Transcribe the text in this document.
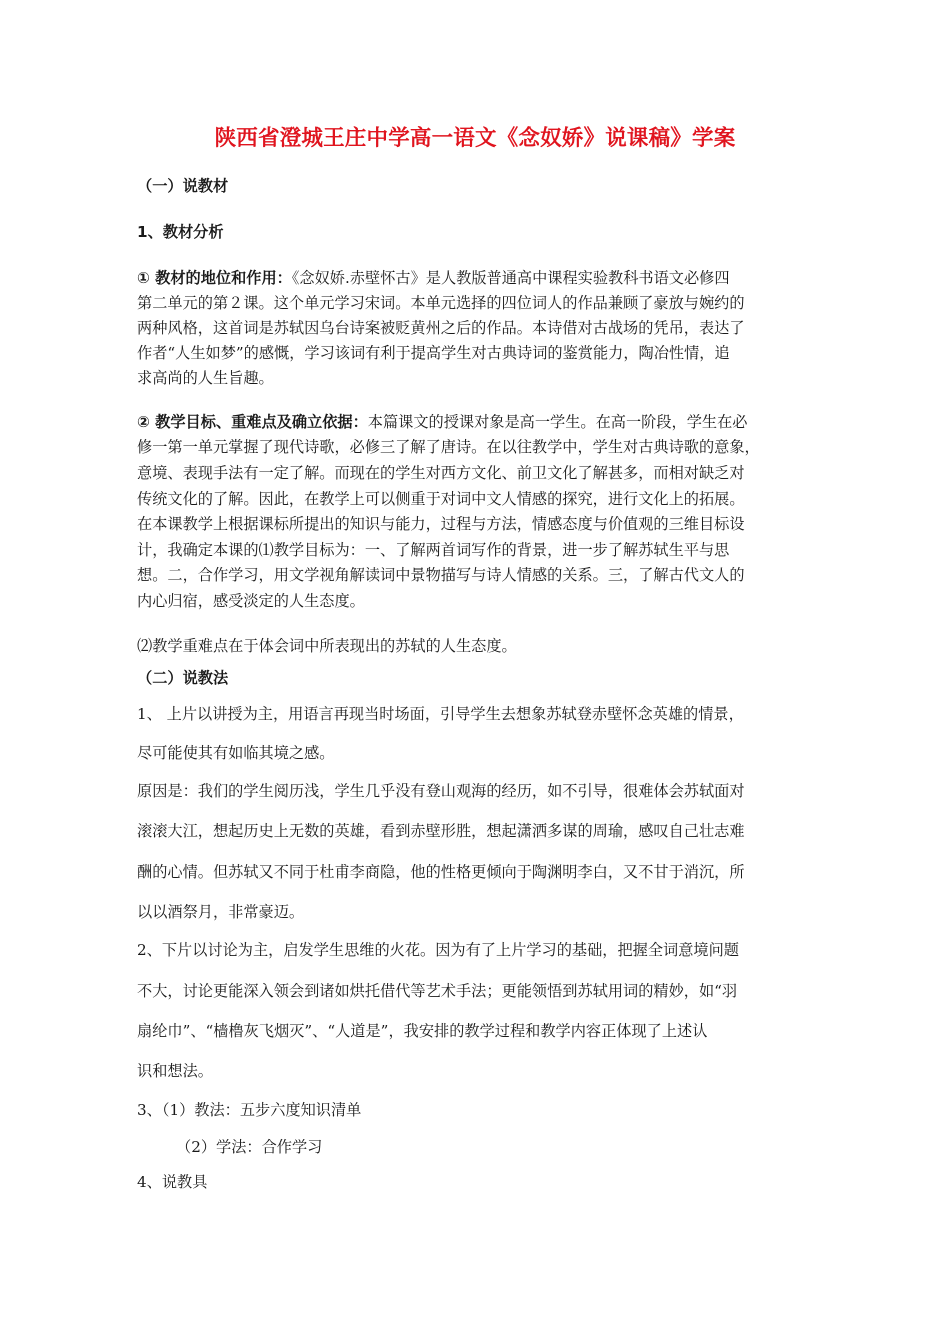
陕西省澄城王庄中学高一语文《念奴娇》说课稿》学案
（一）说教材
1、教材分析
① 教材的地位和作用：《念奴娇.赤壁怀古》是人教版普通高中课程实验教科书语文必修四
第二单元的第２课。这个单元学习宋词。本单元选择的四位词人的作品兼顾了豪放与婉约的
两种风格，这首词是苏轼因乌台诗案被贬黄州之后的作品。本诗借对古战场的凭吊，表达了
作者“人生如梦”的感慨，学习该词有利于提高学生对古典诗词的鉴赏能力，陶冶性情，追
求高尚的人生旨趣。
② 教学目标、重难点及确立依据：本篇课文的授课对象是高一学生。在高一阶段，学生在必
修一第一单元掌握了现代诗歌，必修三了解了唐诗。在以往教学中，学生对古典诗歌的意象，
意境、表现手法有一定了解。而现在的学生对西方文化、前卫文化了解甚多，而相对缺乏对
传统文化的了解。因此，在教学上可以侧重于对词中文人情感的探究，进行文化上的拓展。
在本课教学上根据课标所提出的知识与能力，过程与方法，情感态度与价值观的三维目标设
计，我确定本课的⑴教学目标为：一、了解两首词写作的背景，进一步了解苏轼生平与思
想。二，合作学习，用文学视角解读词中景物描写与诗人情感的关系。三，了解古代文人的
内心归宿，感受淡定的人生态度。
⑵教学重难点在于体会词中所表现出的苏轼的人生态度。
（二）说教法
1、 上片以讲授为主，用语言再现当时场面，引导学生去想象苏轼登赤壁怀念英雄的情景，
尽可能使其有如临其境之感。
原因是：我们的学生阅历浅，学生几乎没有登山观海的经历，如不引导，很难体会苏轼面对
滚滚大江，想起历史上无数的英雄，看到赤壁形胜，想起潇洒多谋的周瑜，感叹自己壮志难
酬的心情。但苏轼又不同于杜甫李商隐，他的性格更倾向于陶渊明李白，又不甘于消沉，所
以以酒祭月，非常豪迈。
2、下片以讨论为主，启发学生思维的火花。因为有了上片学习的基础，把握全词意境问题
不大，讨论更能深入领会到诸如烘托借代等艺术手法；更能领悟到苏轼用词的精妙，如“羽
扇纶巾”、“樯橹灰飞烟灭”、“人道是”，我安排的教学过程和教学内容正体现了上述认
识和想法。
3、（1）教法：五步六度知识清单
（2）学法：合作学习
4、说教具
